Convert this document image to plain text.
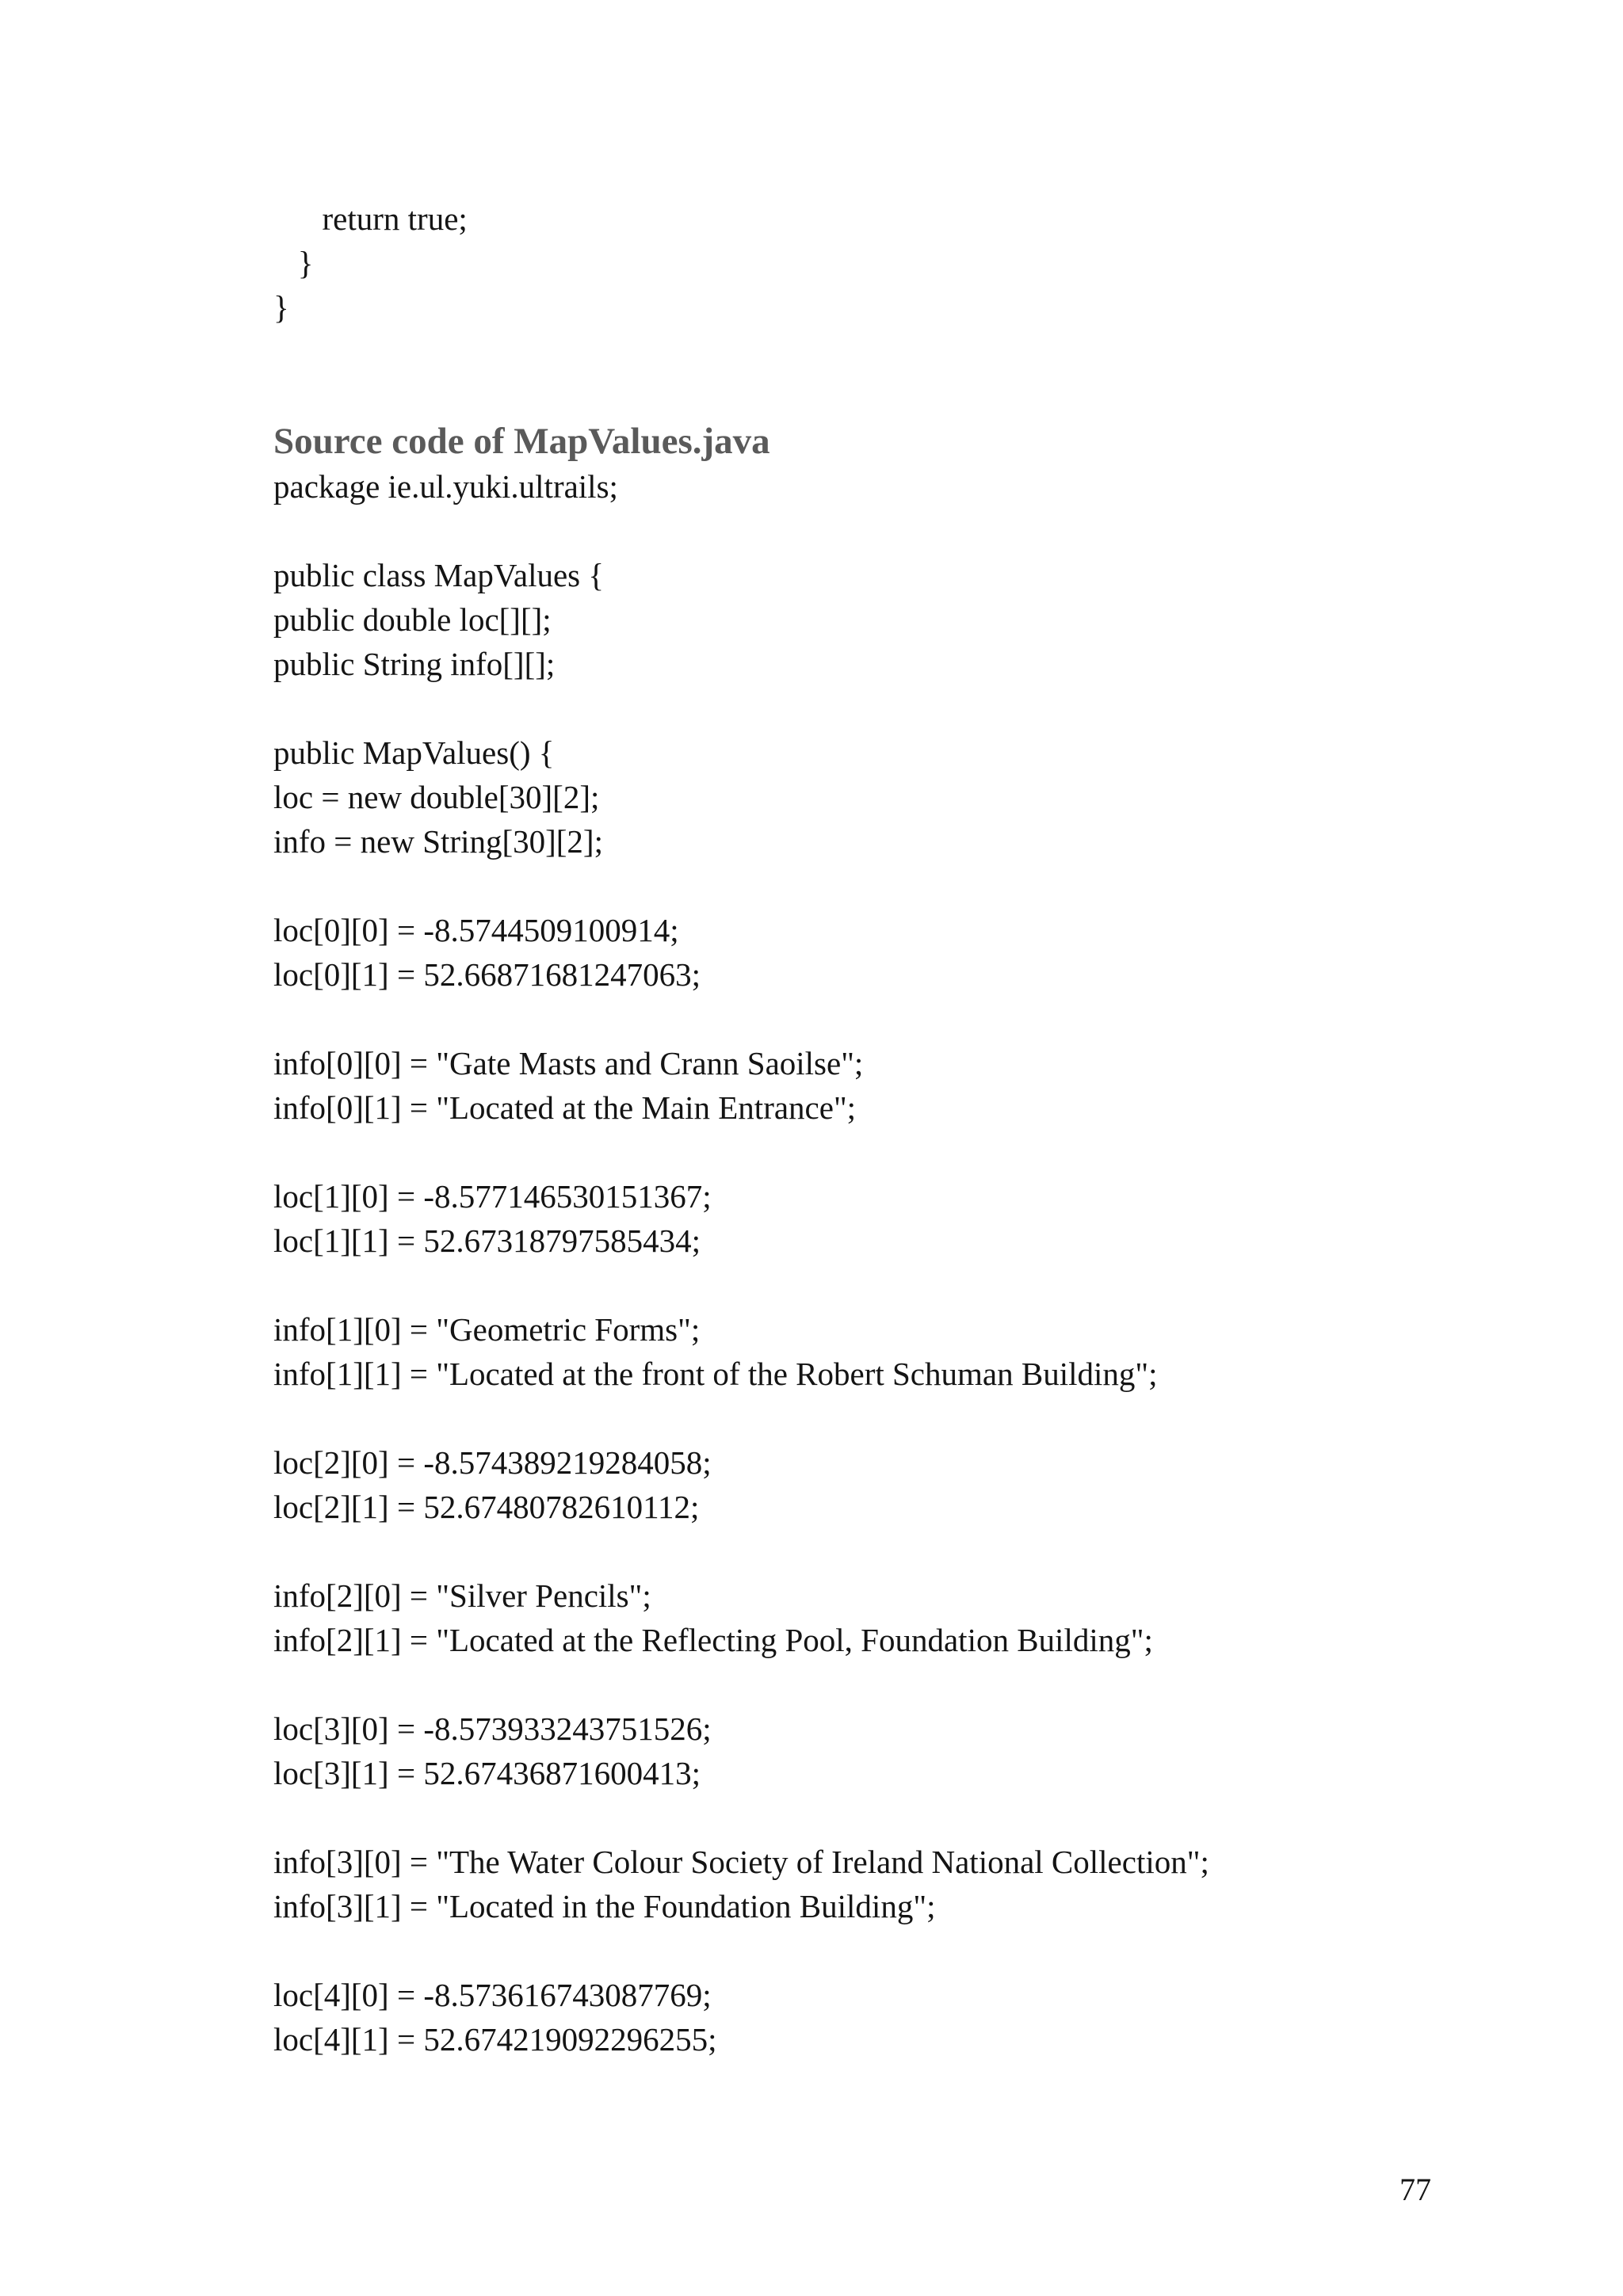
return true;
}
}
Source code of MapValues.java
package ie.ul.yuki.ultrails;
public class MapValues {
public double loc[][];
public String info[][];
public MapValues() {
loc = new double[30][2];
info = new String[30][2];
loc[0][0] = -8.5744509100914;
loc[0][1] = 52.66871681247063;
info[0][0] = "Gate Masts and Crann Saoilse";
info[0][1] = "Located at the Main Entrance";
loc[1][0] = -8.577146530151367;
loc[1][1] = 52.67318797585434;
info[1][0] = "Geometric Forms";
info[1][1] = "Located at the front of the Robert Schuman Building";
loc[2][0] = -8.574389219284058;
loc[2][1] = 52.67480782610112;
info[2][0] = "Silver Pencils";
info[2][1] = "Located at the Reflecting Pool, Foundation Building";
loc[3][0] = -8.573933243751526;
loc[3][1] = 52.67436871600413;
info[3][0] = "The Water Colour Society of Ireland National Collection";
info[3][1] = "Located in the Foundation Building";
loc[4][0] = -8.573616743087769;
loc[4][1] = 52.674219092296255;
77
